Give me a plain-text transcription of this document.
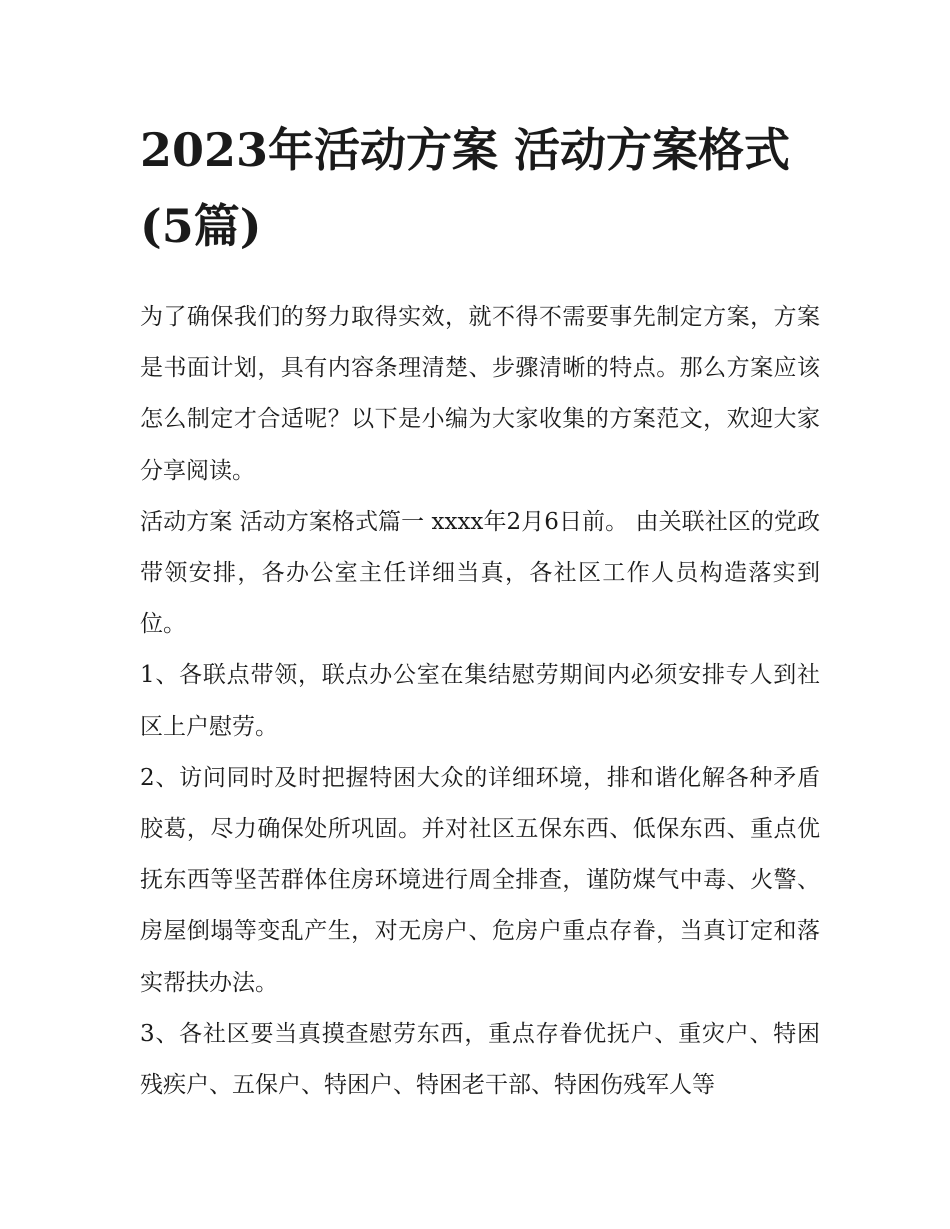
2023年活动方案 活动方案格式(5篇)

为了确保我们的努力取得实效，就不得不需要事先制定方案，方案是书面计划，具有内容条理清楚、步骤清晰的特点。那么方案应该怎么制定才合适呢？以下是小编为大家收集的方案范文，欢迎大家分享阅读。

活动方案 活动方案格式篇一 xxxx年2月6日前。 由关联社区的党政带领安排，各办公室主任详细当真，各社区工作人员构造落实到位。

1、各联点带领，联点办公室在集结慰劳期间内必须安排专人到社区上户慰劳。

2、访问同时及时把握特困大众的详细环境，排和谐化解各种矛盾胶葛，尽力确保处所巩固。并对社区五保东西、低保东西、重点优抚东西等坚苦群体住房环境进行周全排查，谨防煤气中毒、火警、房屋倒塌等变乱产生，对无房户、危房户重点存眷，当真订定和落实帮扶办法。

3、各社区要当真摸查慰劳东西，重点存眷优抚户、重灾户、特困残疾户、五保户、特困户、特困老干部、特困伤残军人等
